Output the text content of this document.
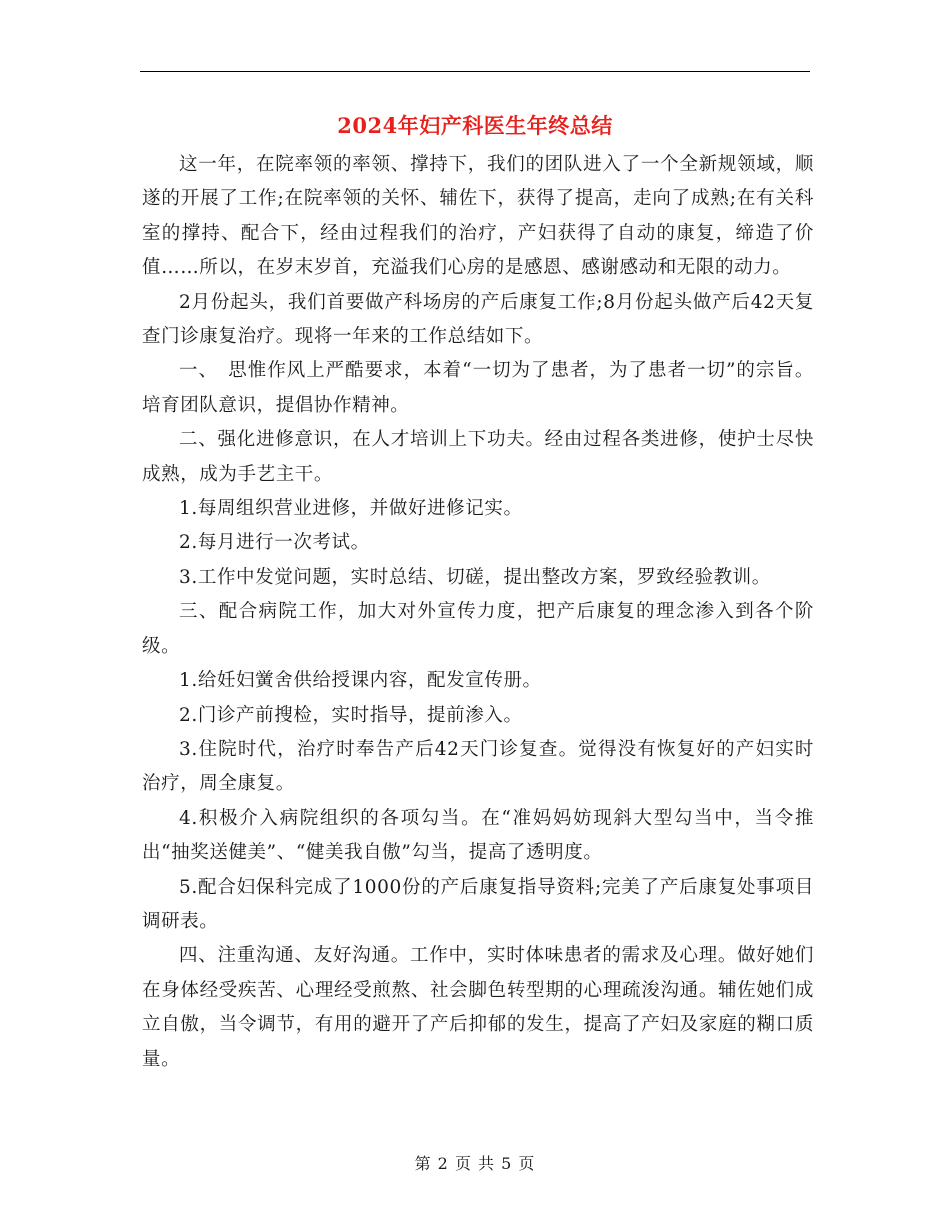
2024年妇产科医生年终总结

这一年，在院率领的率领、撑持下，我们的团队进入了一个全新规领域，顺遂的开展了工作;在院率领的关怀、辅佐下，获得了提高，走向了成熟;在有关科室的撑持、配合下，经由过程我们的治疗，产妇获得了自动的康复，缔造了价值……所以，在岁末岁首，充溢我们心房的是感恩、感谢感动和无限的动力。

2月份起头，我们首要做产科场房的产后康复工作;8月份起头做产后42天复查门诊康复治疗。现将一年来的工作总结如下。

一、　思惟作风上严酷要求，本着“一切为了患者，为了患者一切”的宗旨。培育团队意识，提倡协作精神。

二、强化进修意识，在人才培训上下功夫。经由过程各类进修，使护士尽快成熟，成为手艺主干。

1.每周组织营业进修，并做好进修记实。

2.每月进行一次考试。

3.工作中发觉问题，实时总结、切磋，提出整改方案，罗致经验教训。

三、配合病院工作，加大对外宣传力度，把产后康复的理念渗入到各个阶级。

1.给妊妇黉舍供给授课内容，配发宣传册。

2.门诊产前搜检，实时指导，提前渗入。

3.住院时代，治疗时奉告产后42天门诊复查。觉得没有恢复好的产妇实时治疗，周全康复。

4.积极介入病院组织的各项勾当。在“准妈妈妨现斜大型勾当中，当令推出“抽奖送健美”、“健美我自傲”勾当，提高了透明度。

5.配合妇保科完成了1000份的产后康复指导资料;完美了产后康复处事项目调研表。

四、注重沟通、友好沟通。工作中，实时体味患者的需求及心理。做好她们在身体经受疾苦、心理经受煎熬、社会脚色转型期的心理疏浚沟通。辅佐她们成立自傲，当令调节，有用的避开了产后抑郁的发生，提高了产妇及家庭的糊口质量。

第 2 页 共 5 页
